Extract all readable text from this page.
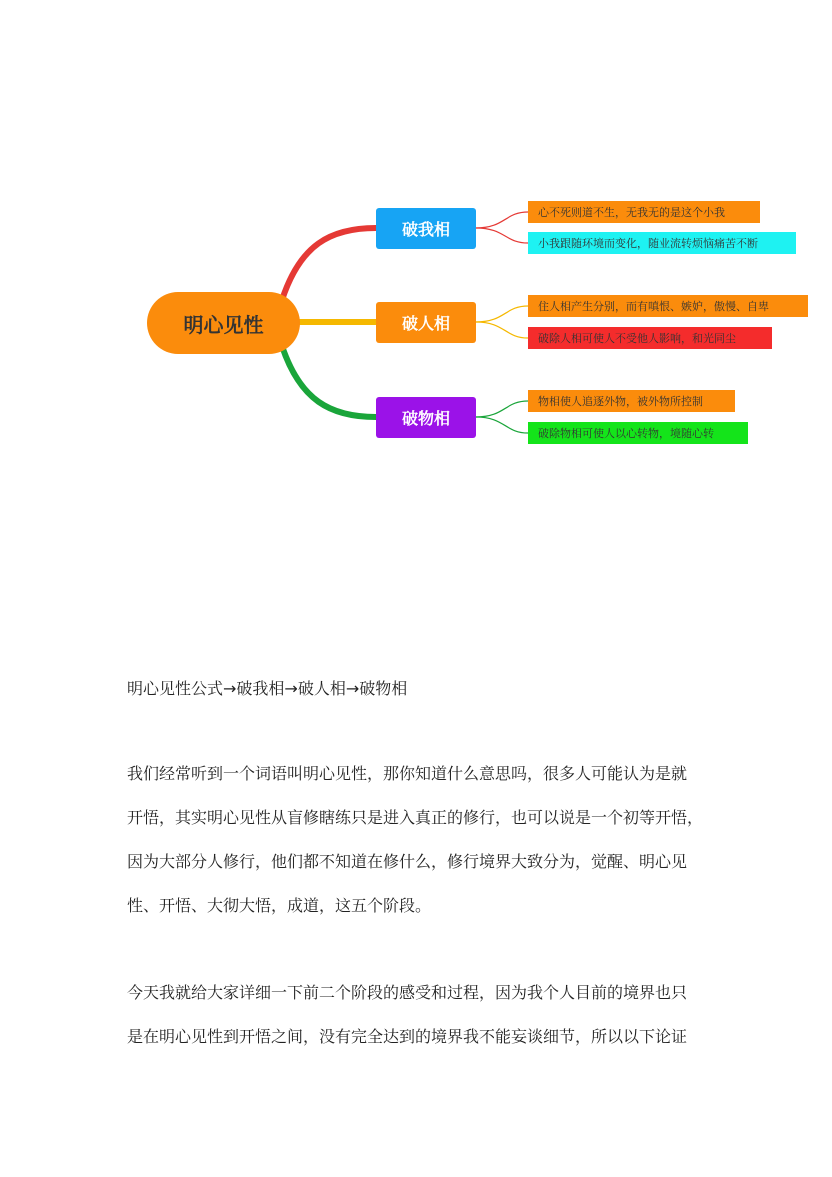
明心见性
破我相
破人相
破物相
心不死则道不生，无我无的是这个小我
小我跟随环境而变化，随业流转烦恼痛苦不断
住人相产生分别，而有嗔恨、嫉妒，傲慢、自卑
破除人相可使人不受他人影响，和光同尘
物相使人追逐外物，被外物所控制
破除物相可使人以心转物，境随心转
明心见性公式→破我相→破人相→破物相
我们经常听到一个词语叫明心见性，那你知道什么意思吗，很多人可能认为是就
开悟，其实明心见性从盲修瞎练只是进入真正的修行，也可以说是一个初等开悟，
因为大部分人修行，他们都不知道在修什么，修行境界大致分为，觉醒、明心见
性、开悟、大彻大悟，成道，这五个阶段。
今天我就给大家详细一下前二个阶段的感受和过程，因为我个人目前的境界也只
是在明心见性到开悟之间，没有完全达到的境界我不能妄谈细节，所以以下论证
